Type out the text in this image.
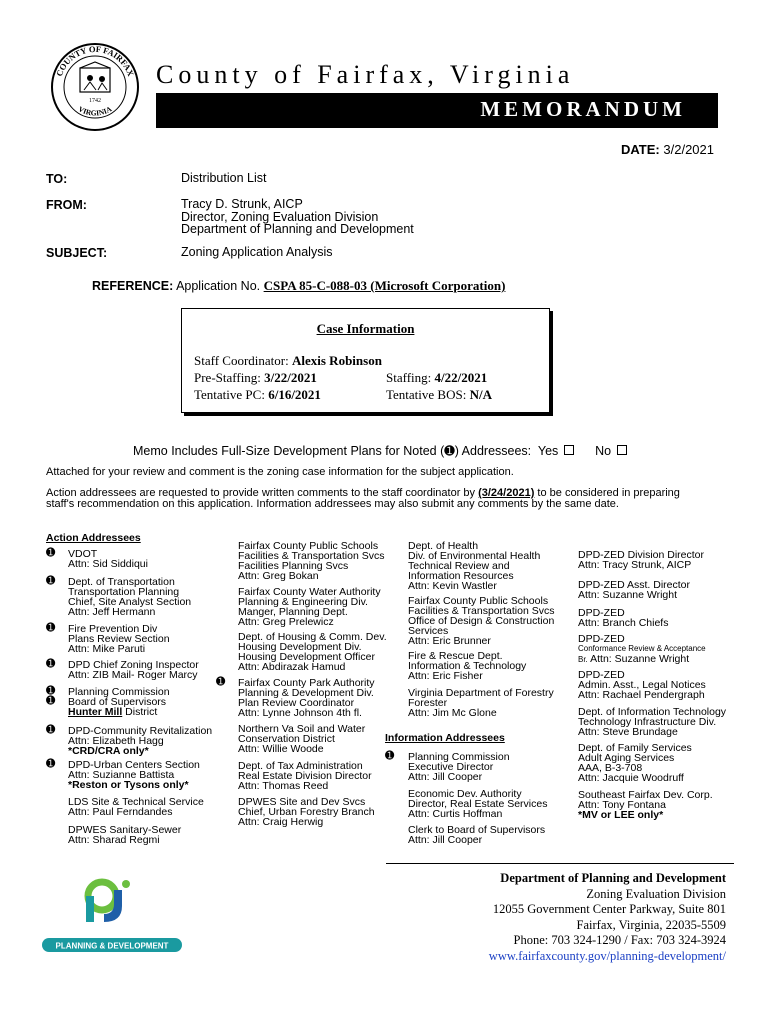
COUNTY OF FAIRFAX
VIRGINIA
1742
County of Fairfax, Virginia
MEMORANDUM
DATE: 3/2/2021
TO:	Distribution List
FROM:	Tracy D. Strunk, AICP
Director, Zoning Evaluation Division
Department of Planning and Development
SUBJECT:	Zoning Application Analysis
REFERENCE: Application No. CSPA 85-C-088-03 (Microsoft Corporation)
Case Information
Staff Coordinator: Alexis Robinson
Pre-Staffing: 3/22/2021	Staffing: 4/22/2021
Tentative PC: 6/16/2021	Tentative BOS: N/A
Memo Includes Full-Size Development Plans for Noted (➊) Addressees: Yes	No
Attached for your review and comment is the zoning case information for the subject application.
Action addressees are requested to provide written comments to the staff coordinator by (3/24/2021) to be considered in preparing
staff's recommendation on this application. Information addressees may also submit any comments by the same date.
Action Addressees
➊ VDOT
Attn: Sid Siddiqui
➊ Dept. of Transportation
Transportation Planning
Chief, Site Analyst Section
Attn: Jeff Hermann
➊ Fire Prevention Div
Plans Review Section
Attn: Mike Paruti
➊ DPD Chief Zoning Inspector
Attn: ZIB Mail- Roger Marcy
➊
➊
Planning Commission
Board of Supervisors
Hunter Mill District
➊ DPD-Community Revitalization
Attn: Elizabeth Hagg
*CRD/CRA only*
➊ DPD-Urban Centers Section
Attn: Suzianne Battista
*Reston or Tysons only*
LDS Site & Technical Service
Attn: Paul Ferndandes
DPWES Sanitary-Sewer
Attn: Sharad Regmi
Fairfax County Public Schools
Facilities & Transportation Svcs
Facilities Planning Svcs
Attn: Greg Bokan
Fairfax County Water Authority
Planning & Engineering Div.
Manger, Planning Dept.
Attn: Greg Prelewicz
Dept. of Housing & Comm. Dev.
Housing Development Div.
Housing Development Officer
Attn: Abdirazak Hamud
➊ Fairfax County Park Authority
Planning & Development Div.
Plan Review Coordinator
Attn: Lynne Johnson 4th fl.
Northern Va Soil and Water
Conservation District
Attn: Willie Woode
Dept. of Tax Administration
Real Estate Division Director
Attn: Thomas Reed
DPWES Site and Dev Svcs
Chief, Urban Forestry Branch
Attn: Craig Herwig
Dept. of Health
Div. of Environmental Health
Technical Review and
Information Resources
Attn: Kevin Wastler
Fairfax County Public Schools
Facilities & Transportation Svcs
Office of Design & Construction
Services
Attn: Eric Brunner
Fire & Rescue Dept.
Information & Technology
Attn: Eric Fisher
Virginia Department of Forestry
Forester
Attn: Jim Mc Glone
Information Addressees
➊ Planning Commission
Executive Director
Attn: Jill Cooper
Economic Dev. Authority
Director, Real Estate Services
Attn: Curtis Hoffman
Clerk to Board of Supervisors
Attn: Jill Cooper
DPD-ZED Division Director
Attn: Tracy Strunk, AICP
DPD-ZED Asst. Director
Attn: Suzanne Wright
DPD-ZED
Attn: Branch Chiefs
DPD-ZED
Conformance Review & Acceptance
Br. Attn: Suzanne Wright
DPD-ZED
Admin. Asst., Legal Notices
Attn: Rachael Pendergraph
Dept. of Information Technology
Technology Infrastructure Div.
Attn: Steve Brundage
Dept. of Family Services
Adult Aging Services
AAA, B-3-708
Attn: Jacquie Woodruff
Southeast Fairfax Dev. Corp.
Attn: Tony Fontana
*MV or LEE only*
PLANNING & DEVELOPMENT
Department of Planning and Development
Zoning Evaluation Division
12055 Government Center Parkway, Suite 801
Fairfax, Virginia, 22035-5509
Phone: 703 324-1290 / Fax: 703 324-3924
www.fairfaxcounty.gov/planning-development/
